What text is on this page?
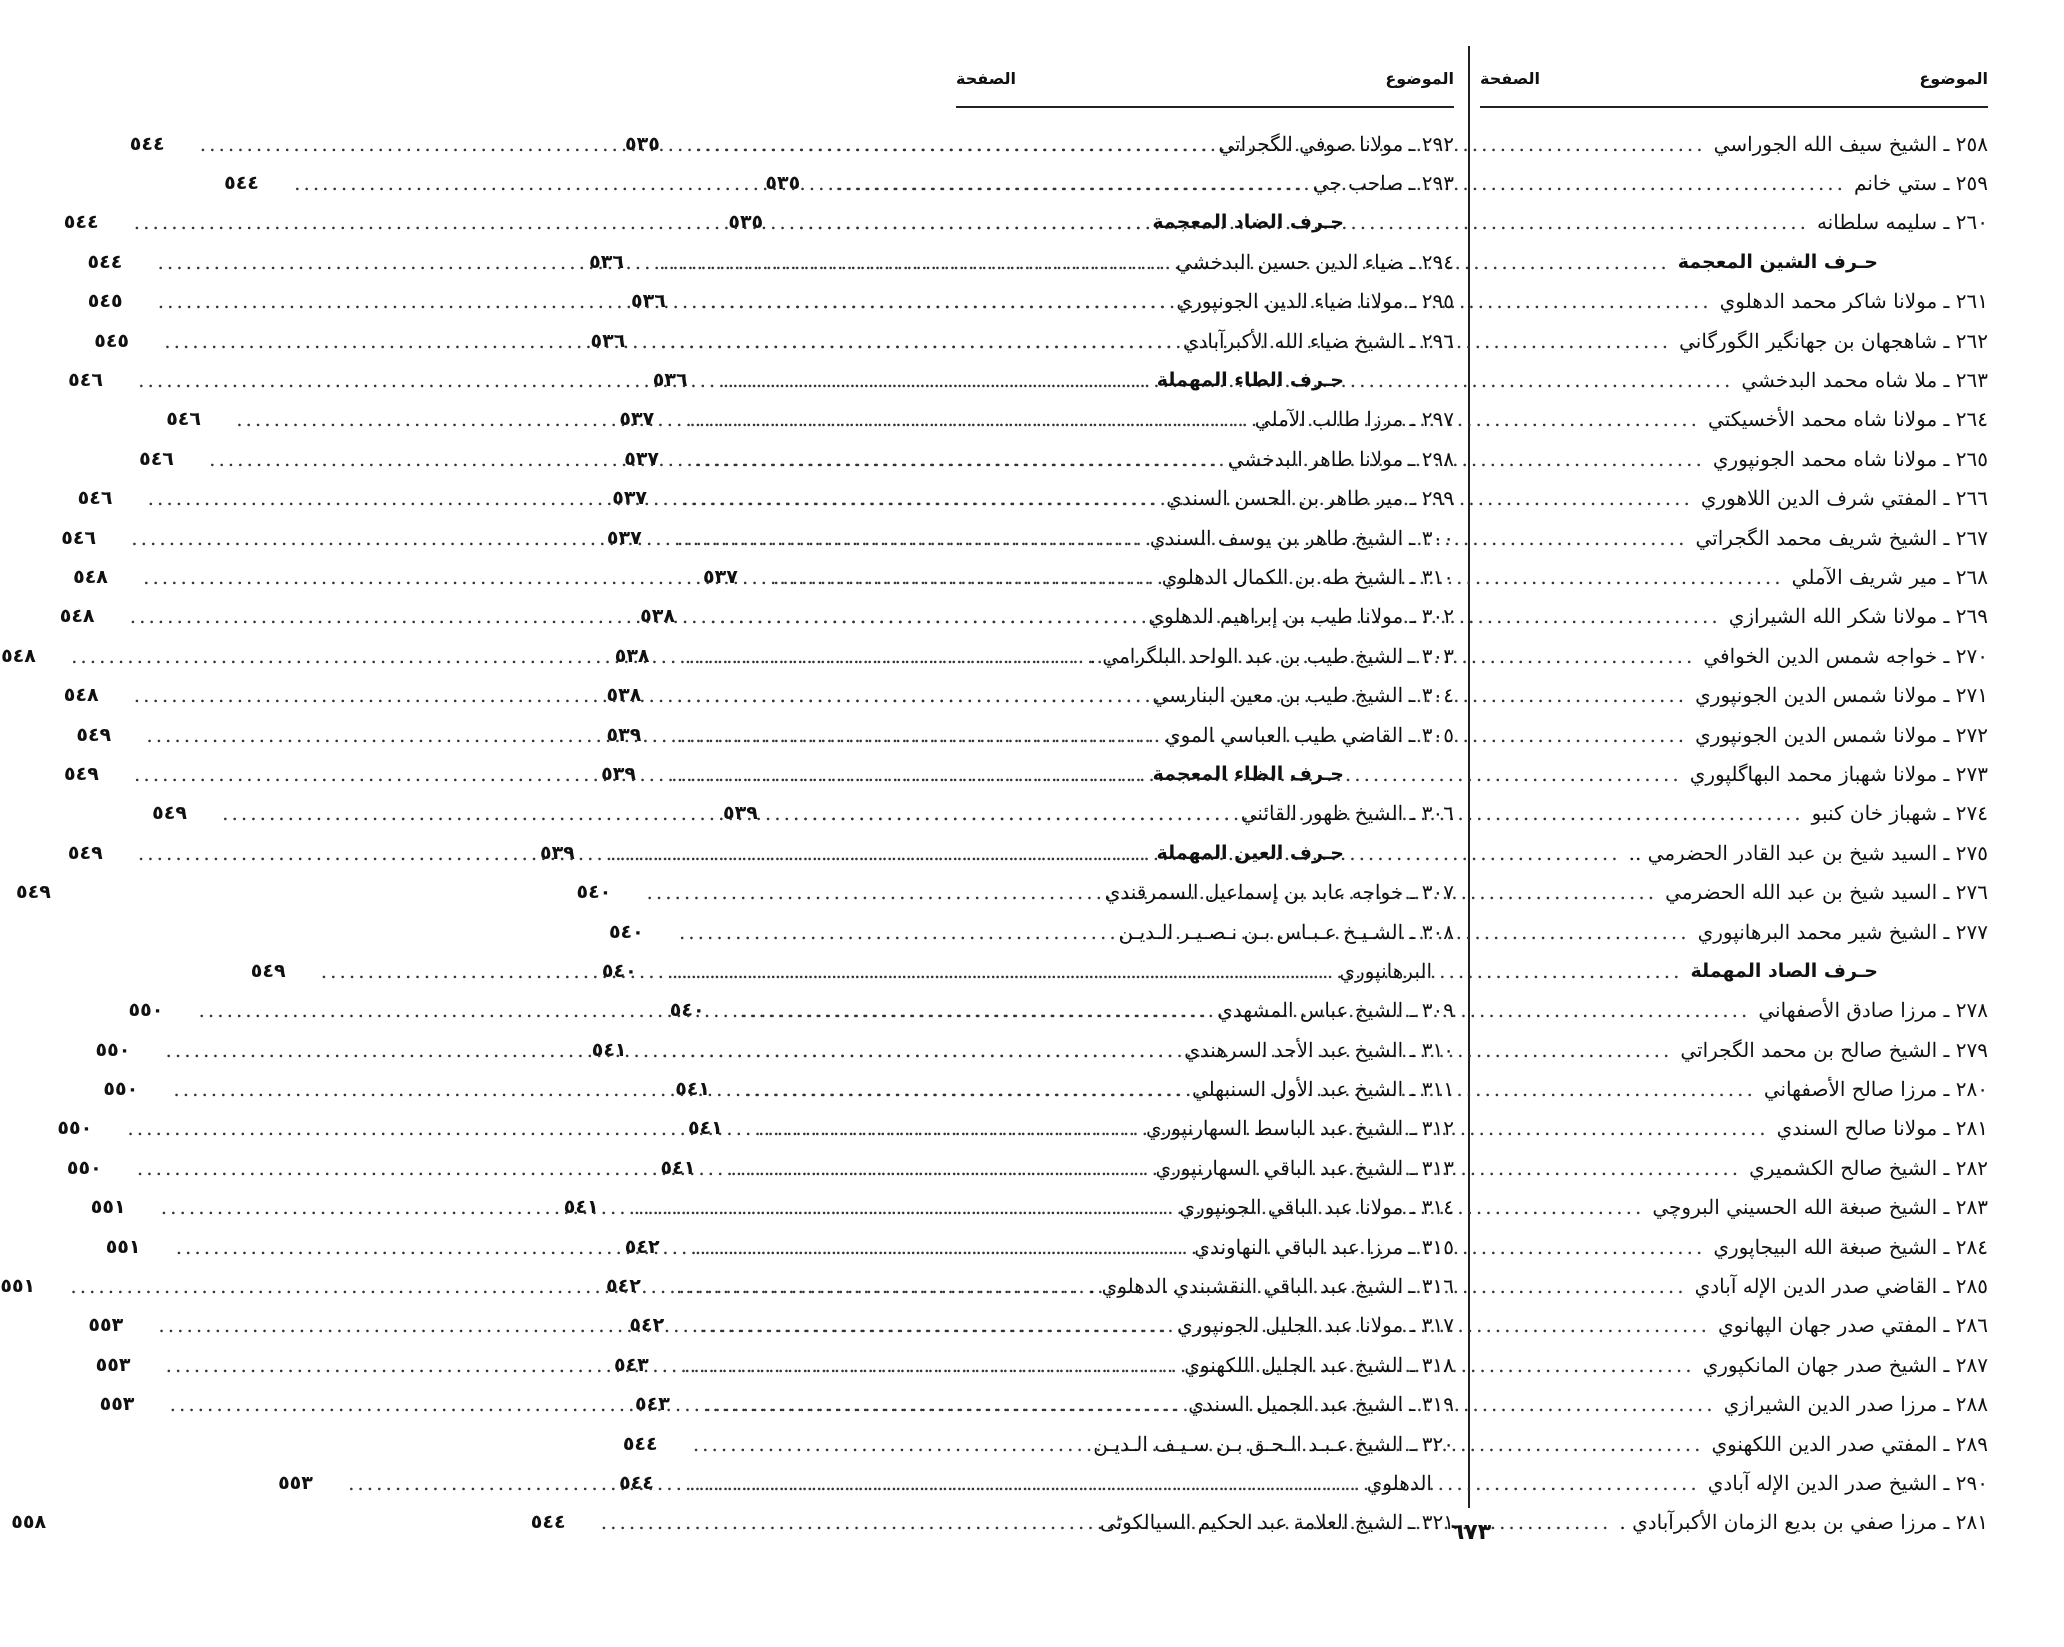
الموضوع
الصفحة
٢٥٨ ـ الشيخ سيف الله الجوراسي
.....
٥٣٥
٢٥٩ ـ ستي خانم
.....
٥٣٥
٢٦٠ ـ سليمه سلطانه
.....
٥٣٥
حـرف الشين المعجمة
.....
٥٣٦
٢٦١ ـ مولانا شاكر محمد الدهلوي
.....
٥٣٦
٢٦٢ ـ شاهجهان بن جهانگير الگورگاني
.....
٥٣٦
٢٦٣ ـ ملا شاه محمد البدخشي
.....
٥٣٦
٢٦٤ ـ مولانا شاه محمد الأخسيكتي
.....
٥٣٧
٢٦٥ ـ مولانا شاه محمد الجونپوري
.....
٥٣٧
٢٦٦ ـ المفتي شرف الدين اللاهوري
.....
٥٣٧
٢٦٧ ـ الشيخ شريف محمد الگجراتي
.....
٥٣٧
٢٦٨ ـ مير شريف الآملي
.....
٥٣٧
٢٦٩ ـ مولانا شكر الله الشيرازي
.....
٥٣٨
٢٧٠ ـ خواجه شمس الدين الخوافي
.....
٥٣٨
٢٧١ ـ مولانا شمس الدين الجونپوري
.....
٥٣٨
٢٧٢ ـ مولانا شمس الدين الجونپوري
.....
٥٣٩
٢٧٣ ـ مولانا شهباز محمد البهاگلپوري
.....
٥٣٩
٢٧٤ ـ شهباز خان كنبو
.....
٥٣٩
٢٧٥ ـ السيد شيخ بن عبد القادر الحضرمي ..
.....
٥٣٩
٢٧٦ ـ السيد شيخ بن عبد الله الحضرمي
.....
٥٤٠
٢٧٧ ـ الشيخ شير محمد البرهانپوري
.....
٥٤٠
حـرف الصاد المهملة
.....
٥٤٠
٢٧٨ ـ مرزا صادق الأصفهاني
.....
٥٤٠
٢٧٩ ـ الشيخ صالح بن محمد الگجراتي
.....
٥٤١
٢٨٠ ـ مرزا صالح الأصفهاني
.....
٥٤١
٢٨١ ـ مولانا صالح السندي
.....
٥٤١
٢٨٢ ـ الشيخ صالح الكشميري
.....
٥٤١
٢٨٣ ـ الشيخ صبغة الله الحسيني البروچي
.....
٥٤١
٢٨٤ ـ الشيخ صبغة الله البيجاپوري
.....
٥٤٢
٢٨٥ ـ القاضي صدر الدين الإله آبادي
.....
٥٤٢
٢٨٦ ـ المفتي صدر جهان الپهانوي
.....
٥٤٢
٢٨٧ ـ الشيخ صدر جهان المانكپوري
.....
٥٤٣
٢٨٨ ـ مرزا صدر الدين الشيرازي
.....
٥٤٣
٢٨٩ ـ المفتي صدر الدين اللكهنوي
.....
٥٤٤
٢٩٠ ـ الشيخ صدر الدين الإله آبادي
.....
٥٤٤
٢٨١ ـ مرزا صفي بن بديع الزمان الأكبرآبادي .
.....
٥٤٤
الموضوع
الصفحة
٢٩٢ ـ مولانا صوفي الگجراتي
.....
٥٤٤
٢٩٣ ـ صاحب جي
.....
٥٤٤
حـرف الضاد المعجمة
.....
٥٤٤
٢٩٤ ـ ضياء الدين حسين البدخشي
.....
٥٤٤
٢٩٥ ـ مولانا ضياء الدين الجونپوري
.....
٥٤٥
٢٩٦ ـ الشيخ ضياء الله الأكبرآبادي
.....
٥٤٥
حـرف الطاء المهملة
.....
٥٤٦
٢٩٧ ـ مرزا طالب الآملي
.....
٥٤٦
٢٩٨ ـ مولانا طاهر البدخشي
.....
٥٤٦
٢٩٩ ـ مير طاهر بن الحسن السندي
.....
٥٤٦
٣٠٠ ـ الشيخ طاهر بن يوسف السندي
.....
٥٤٦
٣١٠ ـ الشيخ طه بن الكمال الدهلوي
.....
٥٤٨
٣٠٢ ـ مولانا طيب بن إبراهيم الدهلوي
.....
٥٤٨
٣٠٣ ـ الشيخ طيب بن عبد الواحد البلگرامي .
.....
٥٤٨
٣٠٤ ـ الشيخ طيب بن معين البنارسي
.....
٥٤٨
٣٠٥ ـ القاضي طيب العباسي الموي
.....
٥٤٩
حـرف الظاء المعجمة
.....
٥٤٩
٣٠٦ ـ الشيخ ظهور القائني
.....
٥٤٩
حـرف العين المهملة
.....
٥٤٩
٣٠٧ ـ خواجه عابد بن إسماعيل السمرقندي
٥٤٩
٣٠٨ ـ الشـيـخ عـبـاس بـن نـصـيـر الـديـن
البرهانپوري
.....
٥٤٩
٣٠٩ ـ الشيخ عباس المشهدي
.....
٥٥٠
٣١٠ ـ الشيخ عبد الأحد السرهندي
.....
٥٥٠
٣١١ ـ الشيخ عبد الأول السنبهلي
.....
٥٥٠
٣١٢ ـ الشيخ عبد الباسط السهارنپوري
.....
٥٥٠
٣١٣ ـ الشيخ عبد الباقي السهارنپوري
.....
٥٥٠
٣١٤ ـ مولانا عبد الباقي الجونپوري
.....
٥٥١
٣١٥ ـ مرزا عبد الباقي النهاوندي
.....
٥٥١
٣١٦ ـ الشيخ عبد الباقي النقشبندي الدهلوي .
.....
٥٥١
٣١٧ ـ مولانا عبد الجليل الجونپوري
.....
٥٥٣
٣١٨ ـ الشيخ عبد الجليل اللكهنوي
.....
٥٥٣
٣١٩ ـ الشيخ عبد الجميل السندي
.....
٥٥٣
٣٢٠ ـ الشيخ عـبـد الـحـق بـن سـيـف الـديـن
الدهلوي
.....
٥٥٣
٣٢١ ـ الشيخ العلامة عبد الحكيم السيالكوٹی
٥٥٨	٦٧٣
